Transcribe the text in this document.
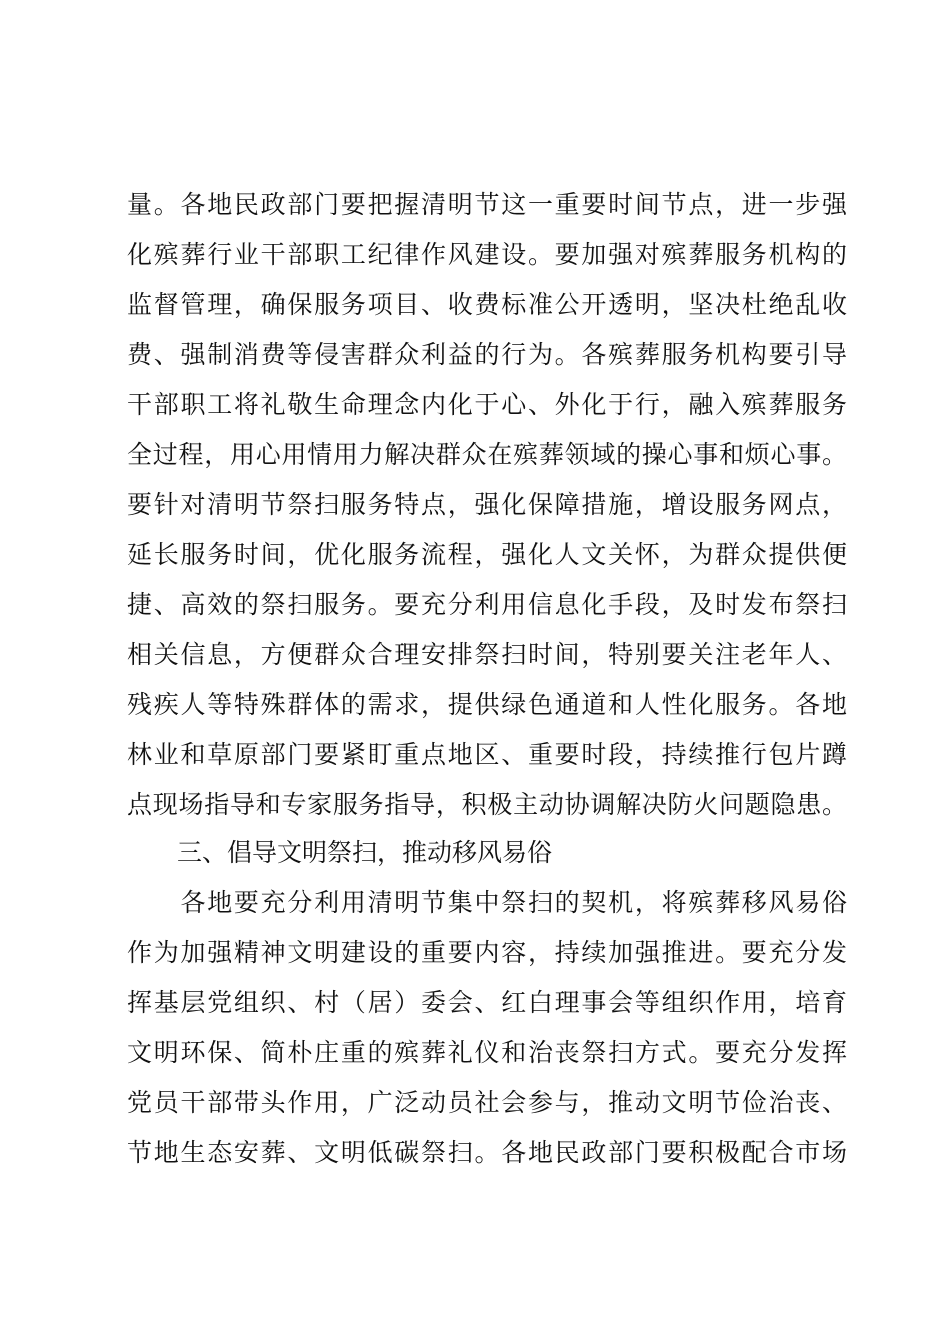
量。各地民政部门要把握清明节这一重要时间节点，进一步强
化殡葬行业干部职工纪律作风建设。要加强对殡葬服务机构的
监督管理，确保服务项目、收费标准公开透明，坚决杜绝乱收
费、强制消费等侵害群众利益的行为。各殡葬服务机构要引导
干部职工将礼敬生命理念内化于心、外化于行，融入殡葬服务
全过程，用心用情用力解决群众在殡葬领域的操心事和烦心事。
要针对清明节祭扫服务特点，强化保障措施，增设服务网点，
延长服务时间，优化服务流程，强化人文关怀，为群众提供便
捷、高效的祭扫服务。要充分利用信息化手段，及时发布祭扫
相关信息，方便群众合理安排祭扫时间，特别要关注老年人、
残疾人等特殊群体的需求，提供绿色通道和人性化服务。各地
林业和草原部门要紧盯重点地区、重要时段，持续推行包片蹲
点现场指导和专家服务指导，积极主动协调解决防火问题隐患。
三、倡导文明祭扫，推动移风易俗
　　各地要充分利用清明节集中祭扫的契机，将殡葬移风易俗
作为加强精神文明建设的重要内容，持续加强推进。要充分发
挥基层党组织、村（居）委会、红白理事会等组织作用，培育
文明环保、简朴庄重的殡葬礼仪和治丧祭扫方式。要充分发挥
党员干部带头作用，广泛动员社会参与，推动文明节俭治丧、
节地生态安葬、文明低碳祭扫。各地民政部门要积极配合市场
